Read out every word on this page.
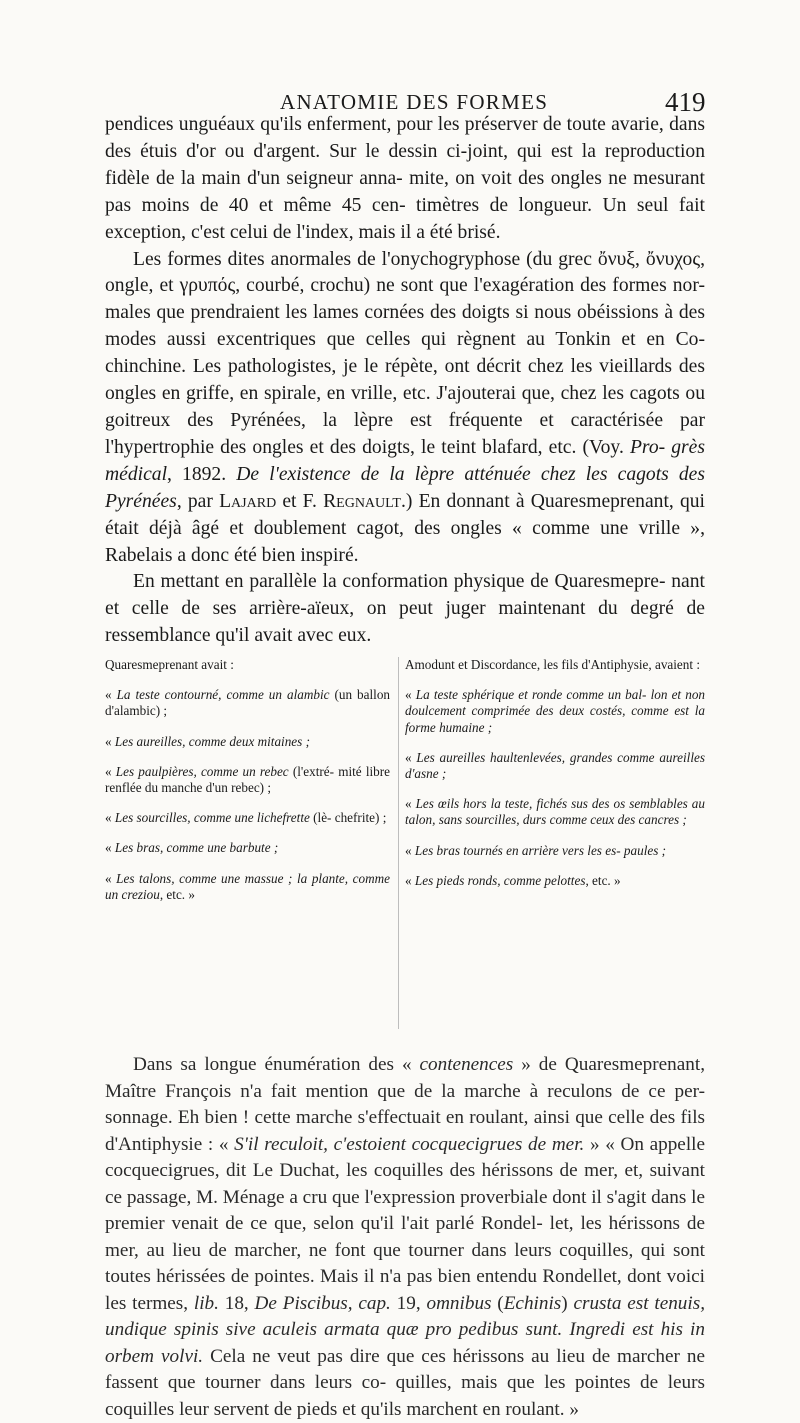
ANATOMIE DES FORMES	419

pendices unguéaux qu'ils enferment, pour les préserver de toute avarie, dans des étuis d'or ou d'argent. Sur le dessin ci-joint, qui est la reproduction fidèle de la main d'un seigneur anna- mite, on voit des ongles ne mesurant pas moins de 40 et même 45 cen- timètres de longueur. Un seul fait exception, c'est celui de l'index, mais il a été brisé.

Les formes dites anormales de l'onychogryphose (du grec ὄνυξ, ὄνυχος, ongle, et γρυπός, courbé, crochu) ne sont que l'exagération des formes nor- males que prendraient les lames cornées des doigts si nous obéissions à des modes aussi excentriques que celles qui règnent au Tonkin et en Co- chinchine. Les pathologistes, je le répète, ont décrit chez les vieillards des ongles en griffe, en spirale, en vrille, etc. J'ajouterai que, chez les cagots ou goitreux des Pyrénées, la lèpre est fréquente et caractérisée par l'hypertrophie des ongles et des doigts, le teint blafard, etc. (Voy. Pro- grès médical, 1892. De l'existence de la lèpre atténuée chez les cagots des Pyrénées, par Lajard et F. Regnault.) En donnant à Quaresmeprenant, qui était déjà âgé et doublement cagot, des ongles « comme une vrille », Rabelais a donc été bien inspiré.

En mettant en parallèle la conformation physique de Quaresmepre- nant et celle de ses arrière-aïeux, on peut juger maintenant du degré de ressemblance qu'il avait avec eux.

Quaresmeprenant avait :

« La teste contourné, comme un alambic (un ballon d'alambic) ;

« Les aureilles, comme deux mitaines ;

« Les paulpières, comme un rebec (l'extré- mité libre renflée du manche d'un rebec) ;

« Les sourcilles, comme une lichefrette (lè- chefrite) ;

« Les bras, comme une barbute ;

« Les talons, comme une massue ; la plante, comme un creziou, etc. »

Amodunt et Discordance, les fils d'Antiphysie, avaient :

« La teste sphérique et ronde comme un bal- lon et non doulcement comprimée des deux costés, comme est la forme humaine ;

« Les aureilles haultenlevées, grandes comme aureilles d'asne ;

« Les œils hors la teste, fichés sus des os semblables au talon, sans sourcilles, durs comme ceux des cancres ;

« Les bras tournés en arrière vers les es- paules ;

« Les pieds ronds, comme pelottes, etc. »

Dans sa longue énumération des « contenences » de Quaresmeprenant, Maître François n'a fait mention que de la marche à reculons de ce per- sonnage. Eh bien ! cette marche s'effectuait en roulant, ainsi que celle des fils d'Antiphysie : « S'il reculoit, c'estoient cocquecigrues de mer. » « On appelle cocquecigrues, dit Le Duchat, les coquilles des hérissons de mer, et, suivant ce passage, M. Ménage a cru que l'expression proverbiale dont il s'agit dans le premier venait de ce que, selon qu'il l'ait parlé Rondel- let, les hérissons de mer, au lieu de marcher, ne font que tourner dans leurs coquilles, qui sont toutes hérissées de pointes. Mais il n'a pas bien entendu Rondellet, dont voici les termes, lib. 18, De Piscibus, cap. 19, omnibus (Echinis) crusta est tenuis, undique spinis sive aculeis armata quæ pro pedibus sunt. Ingredi est his in orbem volvi. Cela ne veut pas dire que ces hérissons au lieu de marcher ne fassent que tourner dans leurs co- quilles, mais que les pointes de leurs coquilles leur servent de pieds et qu'ils marchent en roulant. »
